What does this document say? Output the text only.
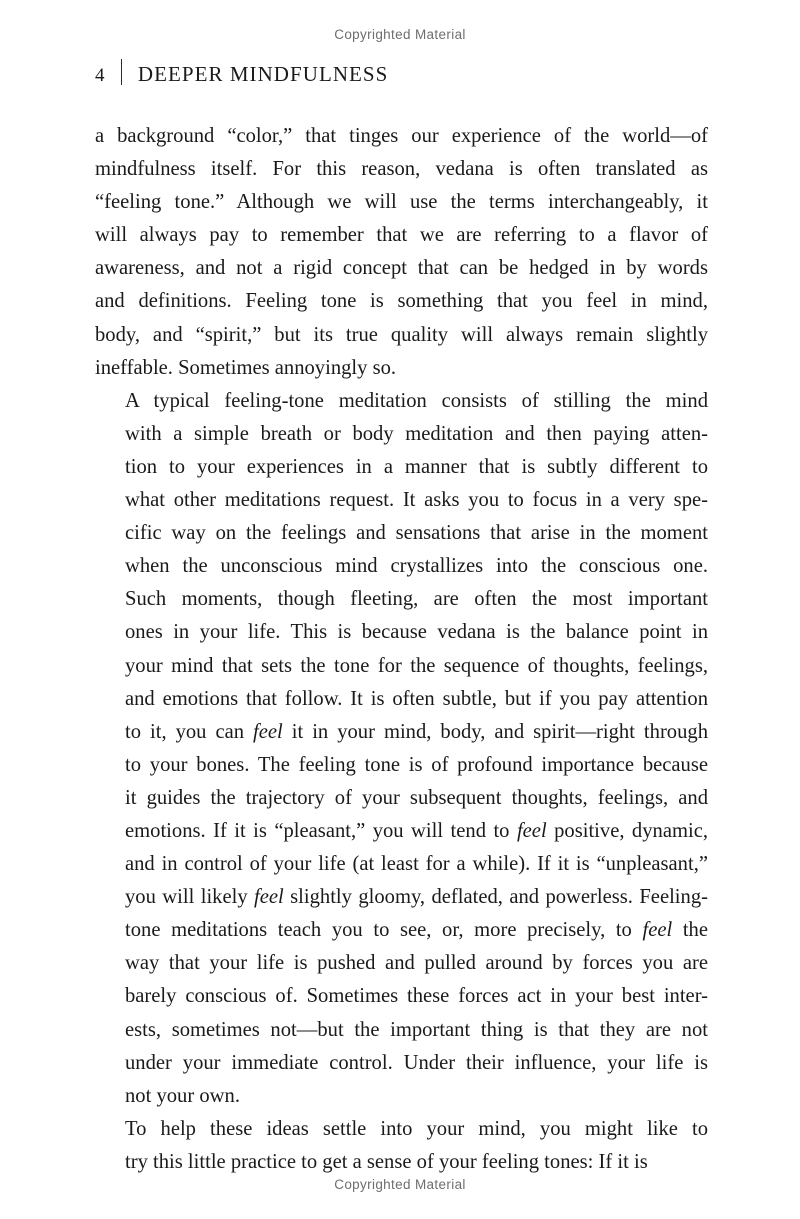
Copyrighted Material
4 DEEPER MINDFULNESS

a background “color,” that tinges our experience of the world—of
mindfulness itself. For this reason, vedana is often translated as
“feeling tone.” Although we will use the terms interchangeably, it
will always pay to remember that we are referring to a flavor of
awareness, and not a rigid concept that can be hedged in by words
and definitions. Feeling tone is something that you feel in mind,
body, and “spirit,” but its true quality will always remain slightly
ineffable. Sometimes annoyingly so.

A typical feeling-tone meditation consists of stilling the mind
with a simple breath or body meditation and then paying atten-
tion to your experiences in a manner that is subtly different to
what other meditations request. It asks you to focus in a very spe-
cific way on the feelings and sensations that arise in the moment
when the unconscious mind crystallizes into the conscious one.
Such moments, though fleeting, are often the most important
ones in your life. This is because vedana is the balance point in
your mind that sets the tone for the sequence of thoughts, feelings,
and emotions that follow. It is often subtle, but if you pay attention
to it, you can feel it in your mind, body, and spirit—right through
to your bones. The feeling tone is of profound importance because
it guides the trajectory of your subsequent thoughts, feelings, and
emotions. If it is “pleasant,” you will tend to feel positive, dynamic,
and in control of your life (at least for a while). If it is “unpleasant,”
you will likely feel slightly gloomy, deflated, and powerless. Feeling-
tone meditations teach you to see, or, more precisely, to feel the
way that your life is pushed and pulled around by forces you are
barely conscious of. Sometimes these forces act in your best inter-
ests, sometimes not—but the important thing is that they are not
under your immediate control. Under their influence, your life is
not your own.

To help these ideas settle into your mind, you might like to
try this little practice to get a sense of your feeling tones: If it is

Copyrighted Material
